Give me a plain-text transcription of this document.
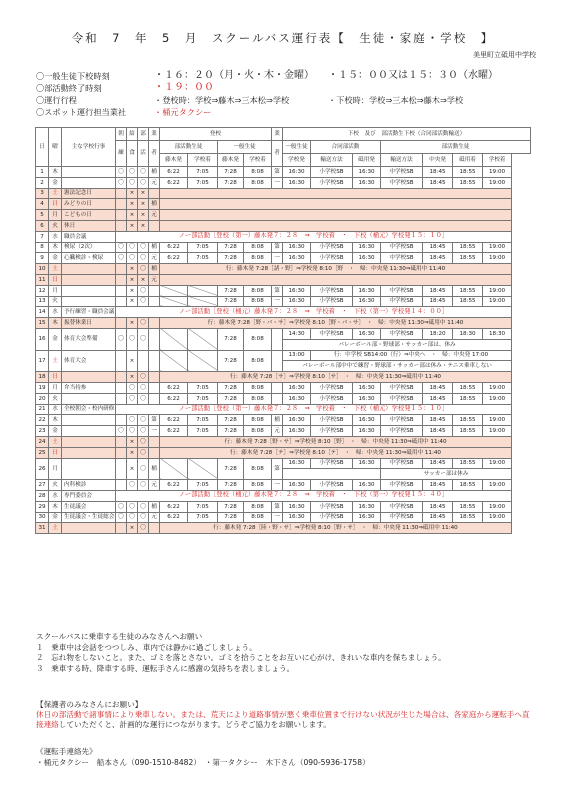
令和　7　年　5　月　スクールバス運行表【　生徒・家庭・学校　】
美里町立砥用中学校
〇一般生徒下校時刻	・１６：２０（月・火・木・金曜） ・１５：００又は１５：３０（水曜）
〇部活動終了時刻	・１９：００
〇運行行程	・登校時：学校⇒藤木⇒三本松⇒学校	・下校時：学校⇒三本松⇒藤木⇒学校
〇スポット運行担当業社	・桶元タクシー
日	曜	主な学校行事	朝	給	部	業	登校				業	下校　及び　部活動生下校（合同部活動輸送）						
			練	食	活	者	部活動生徒		一般生徒		者	一般生徒	合同部活動		部活動生徒			
							藤木発	学校着	藤木発	学校着		学校発	輸送方法	砥用発	輸送方法	中央発	砥用着	学校着
1	木		〇	〇	〇	桶	6:22	7:05	7:28	8:08	第	16:30	小学校SB	16:30	中学校SB	18:45	18:55	19:00
2	金		〇	〇	〇	元	6:22	7:05	7:28	8:08	一	16:30	小学校SB	16:30	中学校SB	18:45	18:55	19:00
3	土	憲法記念日		×	×													
4	日	みどりの日		×	×	桶												
5	月	こどもの日		×	×	元												
6	火	休日		×	×													
7	水	職員会議	ノー部活動［登校（第一）藤木発７：２８　⇒　学校着　・　下校（桶元）学校発１５：１０］															
8	木	検尿（2次）	〇	〇	〇	桶	6:22	7:05	7:28	8:08	第	16:30	小学校SB	16:30	中学校SB	18:45	18:55	19:00
9	金	心臓検診・検尿	〇	〇	〇	元	6:22	7:05	7:28	8:08	一	16:30	小学校SB	16:30	中学校SB	18:45	18:55	19:00
10	土			×	〇	桶	行：藤木発 7:28［諸・野］⇒学校発 8:10［野　・　帰：中央発 11:30⇒砥用中 11:40											
11	日			×	×	元												
12	月			×	〇				7:28	8:08	第	16:30	小学校SB	16:30	中学校SB	18:45	18:55	19:00
13	火			×	〇				7:28	8:08	一	16:30	小学校SB	16:30	中学校SB	18:45	18:55	19:00
14	水	予行練習・職員会議	ノー部活動［登校（桶元）藤木発７：２８　⇒　学校着　・　下校（第一）学校発１４：００］															
15	木	振替休業日		×	〇		行：藤木発 7:28［野・バ・サ］⇒学校発 8:10［野・バ・サ］　・　帰：中央発 11:30⇒砥用中 11:40											
16	金	体育大会準備	〇	〇	〇				7:28	8:08		14:30	中学校SB	16:30	中学校SB	18:20	18:30	18:30
												バレーボール部・野球部・サッカー部は、休み						
17	土	体育大会		×					7:28	8:08		13:00	行：中学校 SB14:00（行）⇒中央へ　・　帰：中央発 17:00					
												バレーボール部中中で練習・野球部・サッカー部は休み・テニス乗車しない						
18	日			×	〇		行：藤木発 7:28［サ］⇒学校発 8:10［サ］　・　帰：中央発 11:30⇒砥用中 11:40											
19	月	弁当持参		〇	〇		6:22	7:05	7:28	8:08		16:30	小学校SB	16:30	中学校SB	18:45	18:55	19:00
20	火			〇	〇		6:22	7:05	7:28	8:08		16:30	小学校SB	16:30	中学校SB	18:45	18:55	19:00
21	水	全校朝会・校内研修	ノー部活動［登校（第一）藤木発７：２８　⇒　学校着　・　下校（桶元）学校発１５：１０］															
22	木			〇	〇	第	6:22	7:05	7:28	8:08	桶	16:30	小学校SB	16:30	中学校SB	18:45	18:55	19:00
23	金		〇	〇	〇	一	6:22	7:05	7:28	8:08	元	16:30	小学校SB	16:30	中学校SB	18:45	18:55	19:00
24	土			×	〇		行：藤木発 7:28［野・サ］⇒学校発 8:10［野］　・　帰：中央発 11:30⇒砥用中 11:40											
25	日			×	〇		行：藤木発 7:28［テ］⇒学校発 8:10［テ］　・　帰：中央発 11:30⇒砥用中 11:40											
26	月			×	〇	桶			7:28	8:08	第	16:30	小学校SB	16:30	中学校SB	18:45	18:55	19:00
															サッカー部は休み			
27	火	内科検診		〇	〇	元	6:22	7:05	7:28	8:08	一	16:30	小学校SB	16:30	中学校SB	18:45	18:55	19:00
28	水	専門委員会	ノー部活動［登校（桶元）藤木発７：２８　⇒　学校着　・　下校（第一）学校発１５：４０］															
29	木	生徒議会	〇	〇	〇	桶	6:22	7:05	7:28	8:08	第	16:30	小学校SB	16:30	中学校SB	18:45	18:55	19:00
30	金	生徒議会・生徒総会	〇	〇	〇	元	6:22	7:05	7:28	8:08	一	16:30	小学校SB	16:30	中学校SB	18:45	18:55	19:00
31	土			×	〇		行：藤木発 7:28［陸・野・サ］⇒学校発 8:10［野・サ］　・　帰：中央発 11:30⇒砥用中 11:40											

スクールバスに乗車する生徒のみなさんへお願い

１　乗車中は会話をつつしみ、車内では静かに過ごしましょう。

２　忘れ物をしないこと。また、ゴミを落とさない。ゴミを拾うことをお互いに心がけ、きれいな車内を保ちましょう。

３　乗車する時、降車する時、運転手さんに感謝の気持ちを表しましょう。

【保護者のみなさんにお願い】

休日の部活動で諸事情により乗車しない。または、荒天により道路事情が悪く乗車位置まで行けない状況が生じた場合は、各家庭から運転手へ直接連絡していただくと、計画的な運行につながります。どうぞご協力をお願いします。

《運転手連絡先》

・桶元タクシー　船本さん（090-1510-8482）　 ・第一タクシー　木下さん（090-5936-1758）
